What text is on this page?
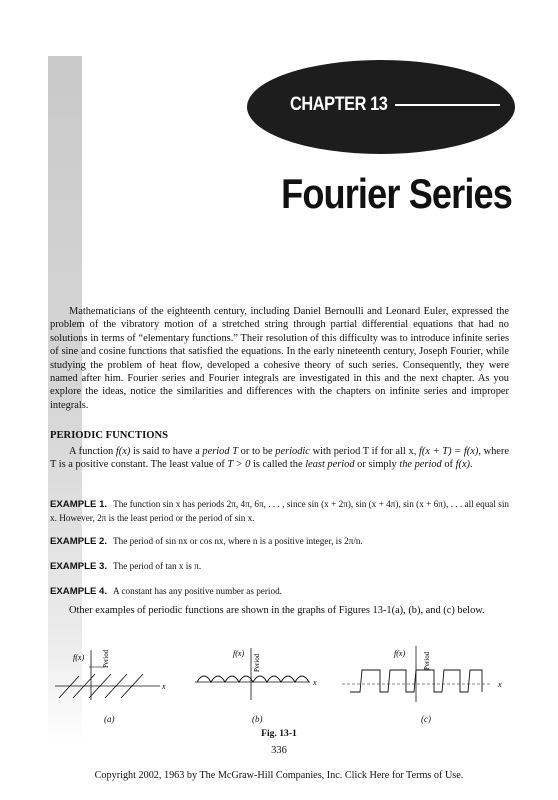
CHAPTER 13
Fourier Series

Mathematicians of the eighteenth century, including Daniel Bernoulli and Leonard Euler, expressed the problem of the vibratory motion of a stretched string through partial differential equations that had no solutions in terms of “elementary functions.” Their resolution of this difficulty was to introduce infinite series of sine and cosine functions that satisfied the equations. In the early nineteenth century, Joseph Fourier, while studying the problem of heat flow, developed a cohesive theory of such series. Consequently, they were named after him. Fourier series and Fourier integrals are investigated in this and the next chapter. As you explore the ideas, notice the similarities and differences with the chapters on infinite series and improper integrals.

PERIODIC FUNCTIONS

A function f(x) is said to have a period T or to be periodic with period T if for all x, f(x + T) = f(x), where T is a positive constant. The least value of T > 0 is called the least period or simply the period of f(x).

EXAMPLE 1. The function sin x has periods 2π, 4π, 6π, . . . , since sin (x + 2π), sin (x + 4π), sin (x + 6π), . . . all equal sin x. However, 2π is the least period or the period of sin x.

EXAMPLE 2. The period of sin nx or cos nx, where n is a positive integer, is 2π/n.

EXAMPLE 3. The period of tan x is π.

EXAMPLE 4. A constant has any positive number as period.

Other examples of periodic functions are shown in the graphs of Figures 13-1(a), (b), and (c) below.

f(x)	Period
x
f(x)
Period
x
f(x)	Period
x
(a)	(b)	(c)

Fig. 13-1

336

Copyright 2002, 1963 by The McGraw-Hill Companies, Inc. Click Here for Terms of Use.
